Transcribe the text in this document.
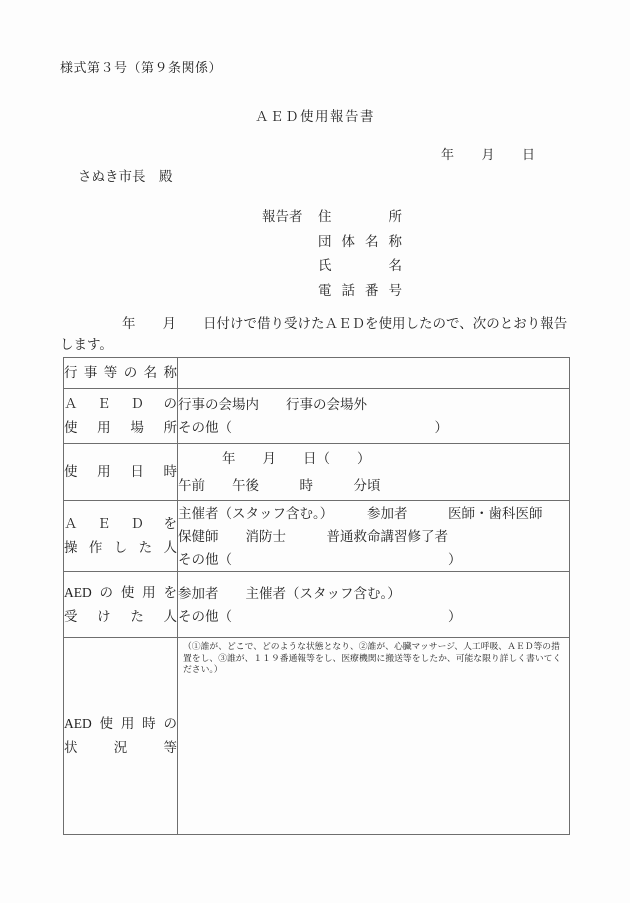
様式第３号（第９条関係）
ＡＥＤ使用報告書
年　　月　　日
さぬき市長　殿
報告者	住所
団体名称
氏名
電話番号
年　　月　　日付けで借り受けたＡＥＤを使用したので、次のとおり報告
します。
行事等の名称	

ＡＥＤの
使用場所

行事の会場内　　行事の会場外
その他（　　　　　　　　　　　　　　　）

使用日時	年　　月　　日（　　）
午前　　午後　　　時　　　分頃

ＡＥＤを
操作した人

主催者（スタッフ含む。）　　　参加者　　　医師・歯科医師
保健師　　消防士　　　普通救命講習修了者
その他（　　　　　　　　　　　　　　　　）

AEDの使用を
受けた人

参加者　　主催者（スタッフ含む。）
その他（　　　　　　　　　　　　　　　　）

AED使用時の
状　況　等	（①誰が、どこで、どのような状態となり、②誰が、心臓マッサージ、人工呼吸、ＡＥＤ等の措置をし、③誰が、１１９番通報等をし、医療機関に搬送等をしたか、可能な限り詳しく書いてください。）
